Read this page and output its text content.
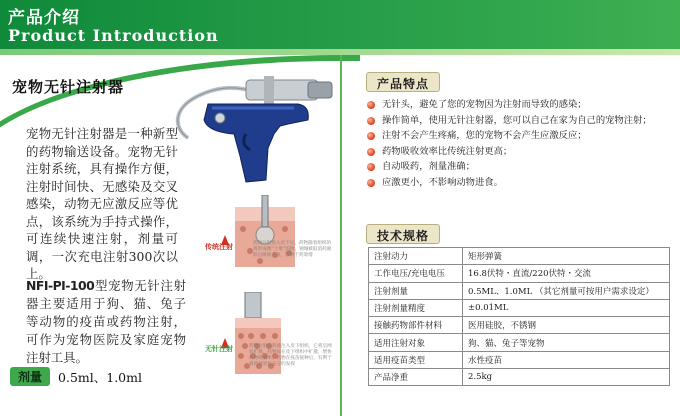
产品介绍
Product Introduction
宠物无针注射器
宠物无针注射器是一种新型的药物输送设备。宠物无针注射系统，具有操作方便，注射时间快、无感染及交叉感染，动物无应激反应等优点，该系统为手持式操作，可连续快速注射，剂量可调，一次充电注射300次以上。
传统注射	药物注射进入皮下后，药物随着组织的将形成像“土堆”的物，钢城被取消药液肌后吸收不良，影响于药效增
无针注射	药物注射后药液注入皮下组织，它将呈网状扩散，药物如在皮下组织中扩散，增快药物吸收率，药物在疫苗接种后，有利于将药效更好充分的发挥
NFI-PI-100型宠物无针注射器主要适用于狗、猫、兔子等动物的疫苗或药物注射，可作为宠物医院及家庭宠物注射工具。
剂量 0.5ml、1.0ml
产品特点
无针头，避免了您的宠物因为注射而导致的感染；
操作简单，使用无针注射器，您可以自己在家为自己的宠物注射；
注射不会产生疼痛，您的宠物不会产生应激反应；
药物吸收效率比传统注射更高；
自动吸药，剂量准确；
应激更小，不影响动物进食。
技术规格
注射动力	矩形弹簧
工作电压/充电电压	16.8伏特・直流/220伏特・交流
注射剂量	0.5ML、1.0ML （其它剂量可按用户需求设定）
注射剂量精度	±0.01ML
接触药物部件材料	医用硅胶，不锈钢
适用注射对象	狗、猫、兔子等宠物
适用疫苗类型	水性疫苗
产品净重	2.5kg
